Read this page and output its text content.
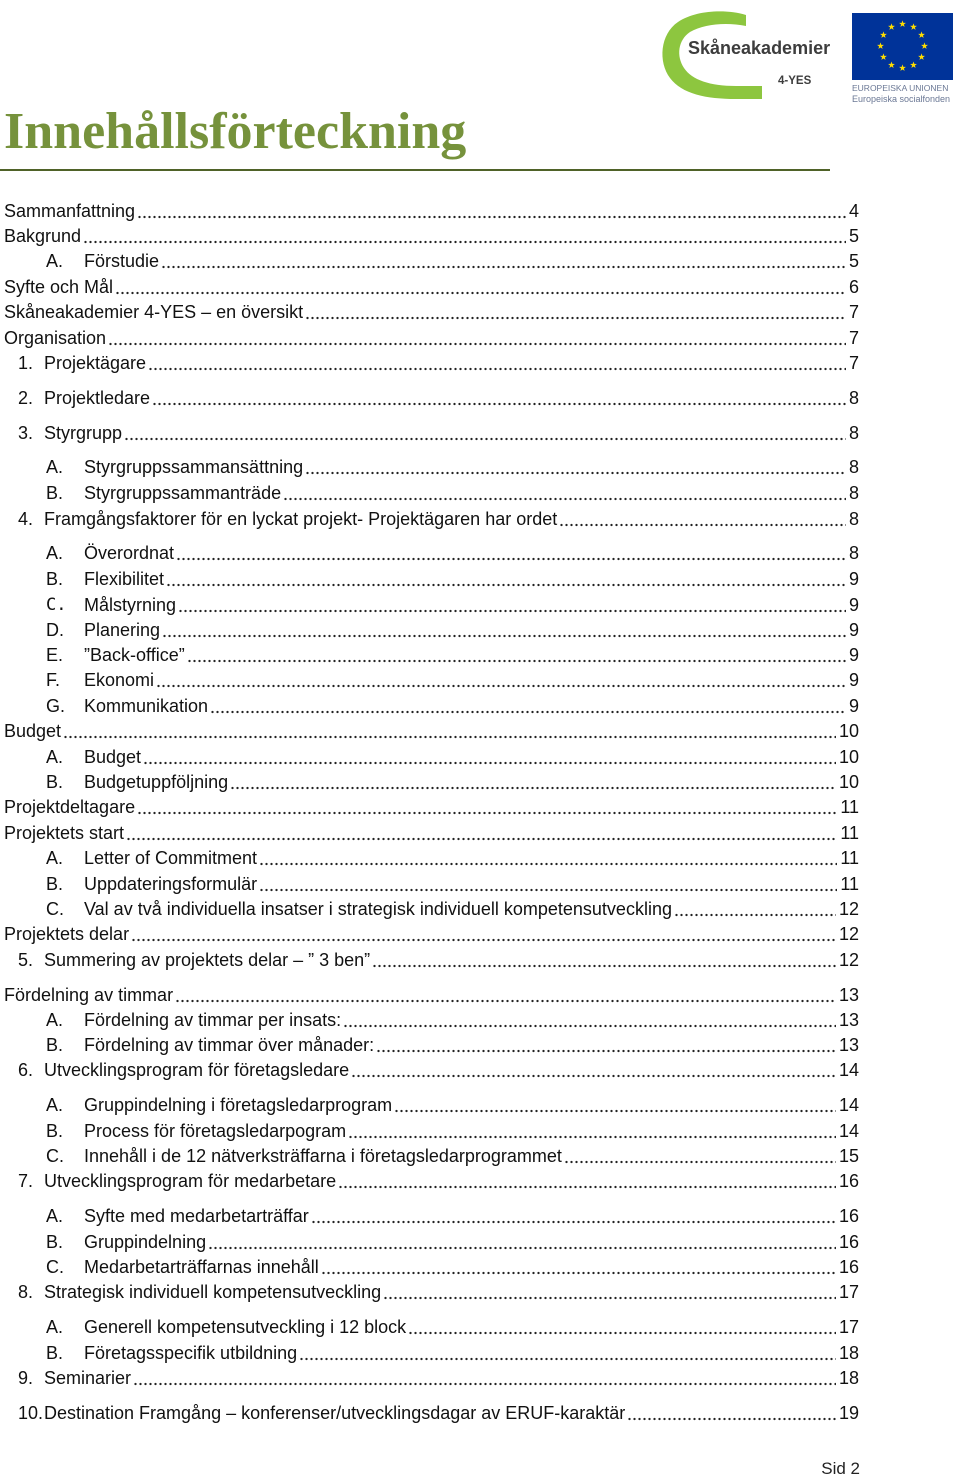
Skåneakademier
4-YES
EUROPEISKA UNIONEN
Europeiska socialfonden
Innehållsförteckning
Sammanfattning	4
Bakgrund	5
A.	Förstudie	5
Syfte och Mål	6
Skåneakademier 4-YES – en översikt	7
Organisation	7
1. Projektägare	7
2. Projektledare	8
3. Styrgrupp	8
A.	Styrgruppssammansättning	8
B.	Styrgruppssammanträde	8
4. Framgångsfaktorer för en lyckat projekt- Projektägaren har ordet	8
A.	Överordnat	8
B.	Flexibilitet	9
C. Målstyrning	9
D.	Planering	9
E.	”Back-office”	9
F.	Ekonomi	9
G.	Kommunikation	9
Budget	10
A.	Budget	10
B.	Budgetuppföljning	10
Projektdeltagare	11
Projektets start	11
A.	Letter of Commitment	11
B.	Uppdateringsformulär	11
C.	Val av två individuella insatser i strategisk individuell kompetensutveckling	12
Projektets delar	12
5. Summering av projektets delar – ” 3 ben”	12
Fördelning av timmar	13
A.	Fördelning av timmar per insats:	13
B.	Fördelning av timmar över månader:	13
6. Utvecklingsprogram för företagsledare	14
A.	Gruppindelning i företagsledarprogram	14
B.	Process för företagsledarpogram	14
C.	Innehåll i de 12 nätverksträffarna i företagsledarprogrammet	15
7. Utvecklingsprogram för medarbetare	16
A.	Syfte med medarbetarträffar	16
B.	Gruppindelning	16
C.	Medarbetarträffarnas innehåll	16
8. Strategisk individuell kompetensutveckling	17
A.	Generell kompetensutveckling i 12 block	17
B.	Företagsspecifik utbildning	18
9. Seminarier	18
10. Destination Framgång – konferenser/utvecklingsdagar av ERUF-karaktär	19
Sid 2
